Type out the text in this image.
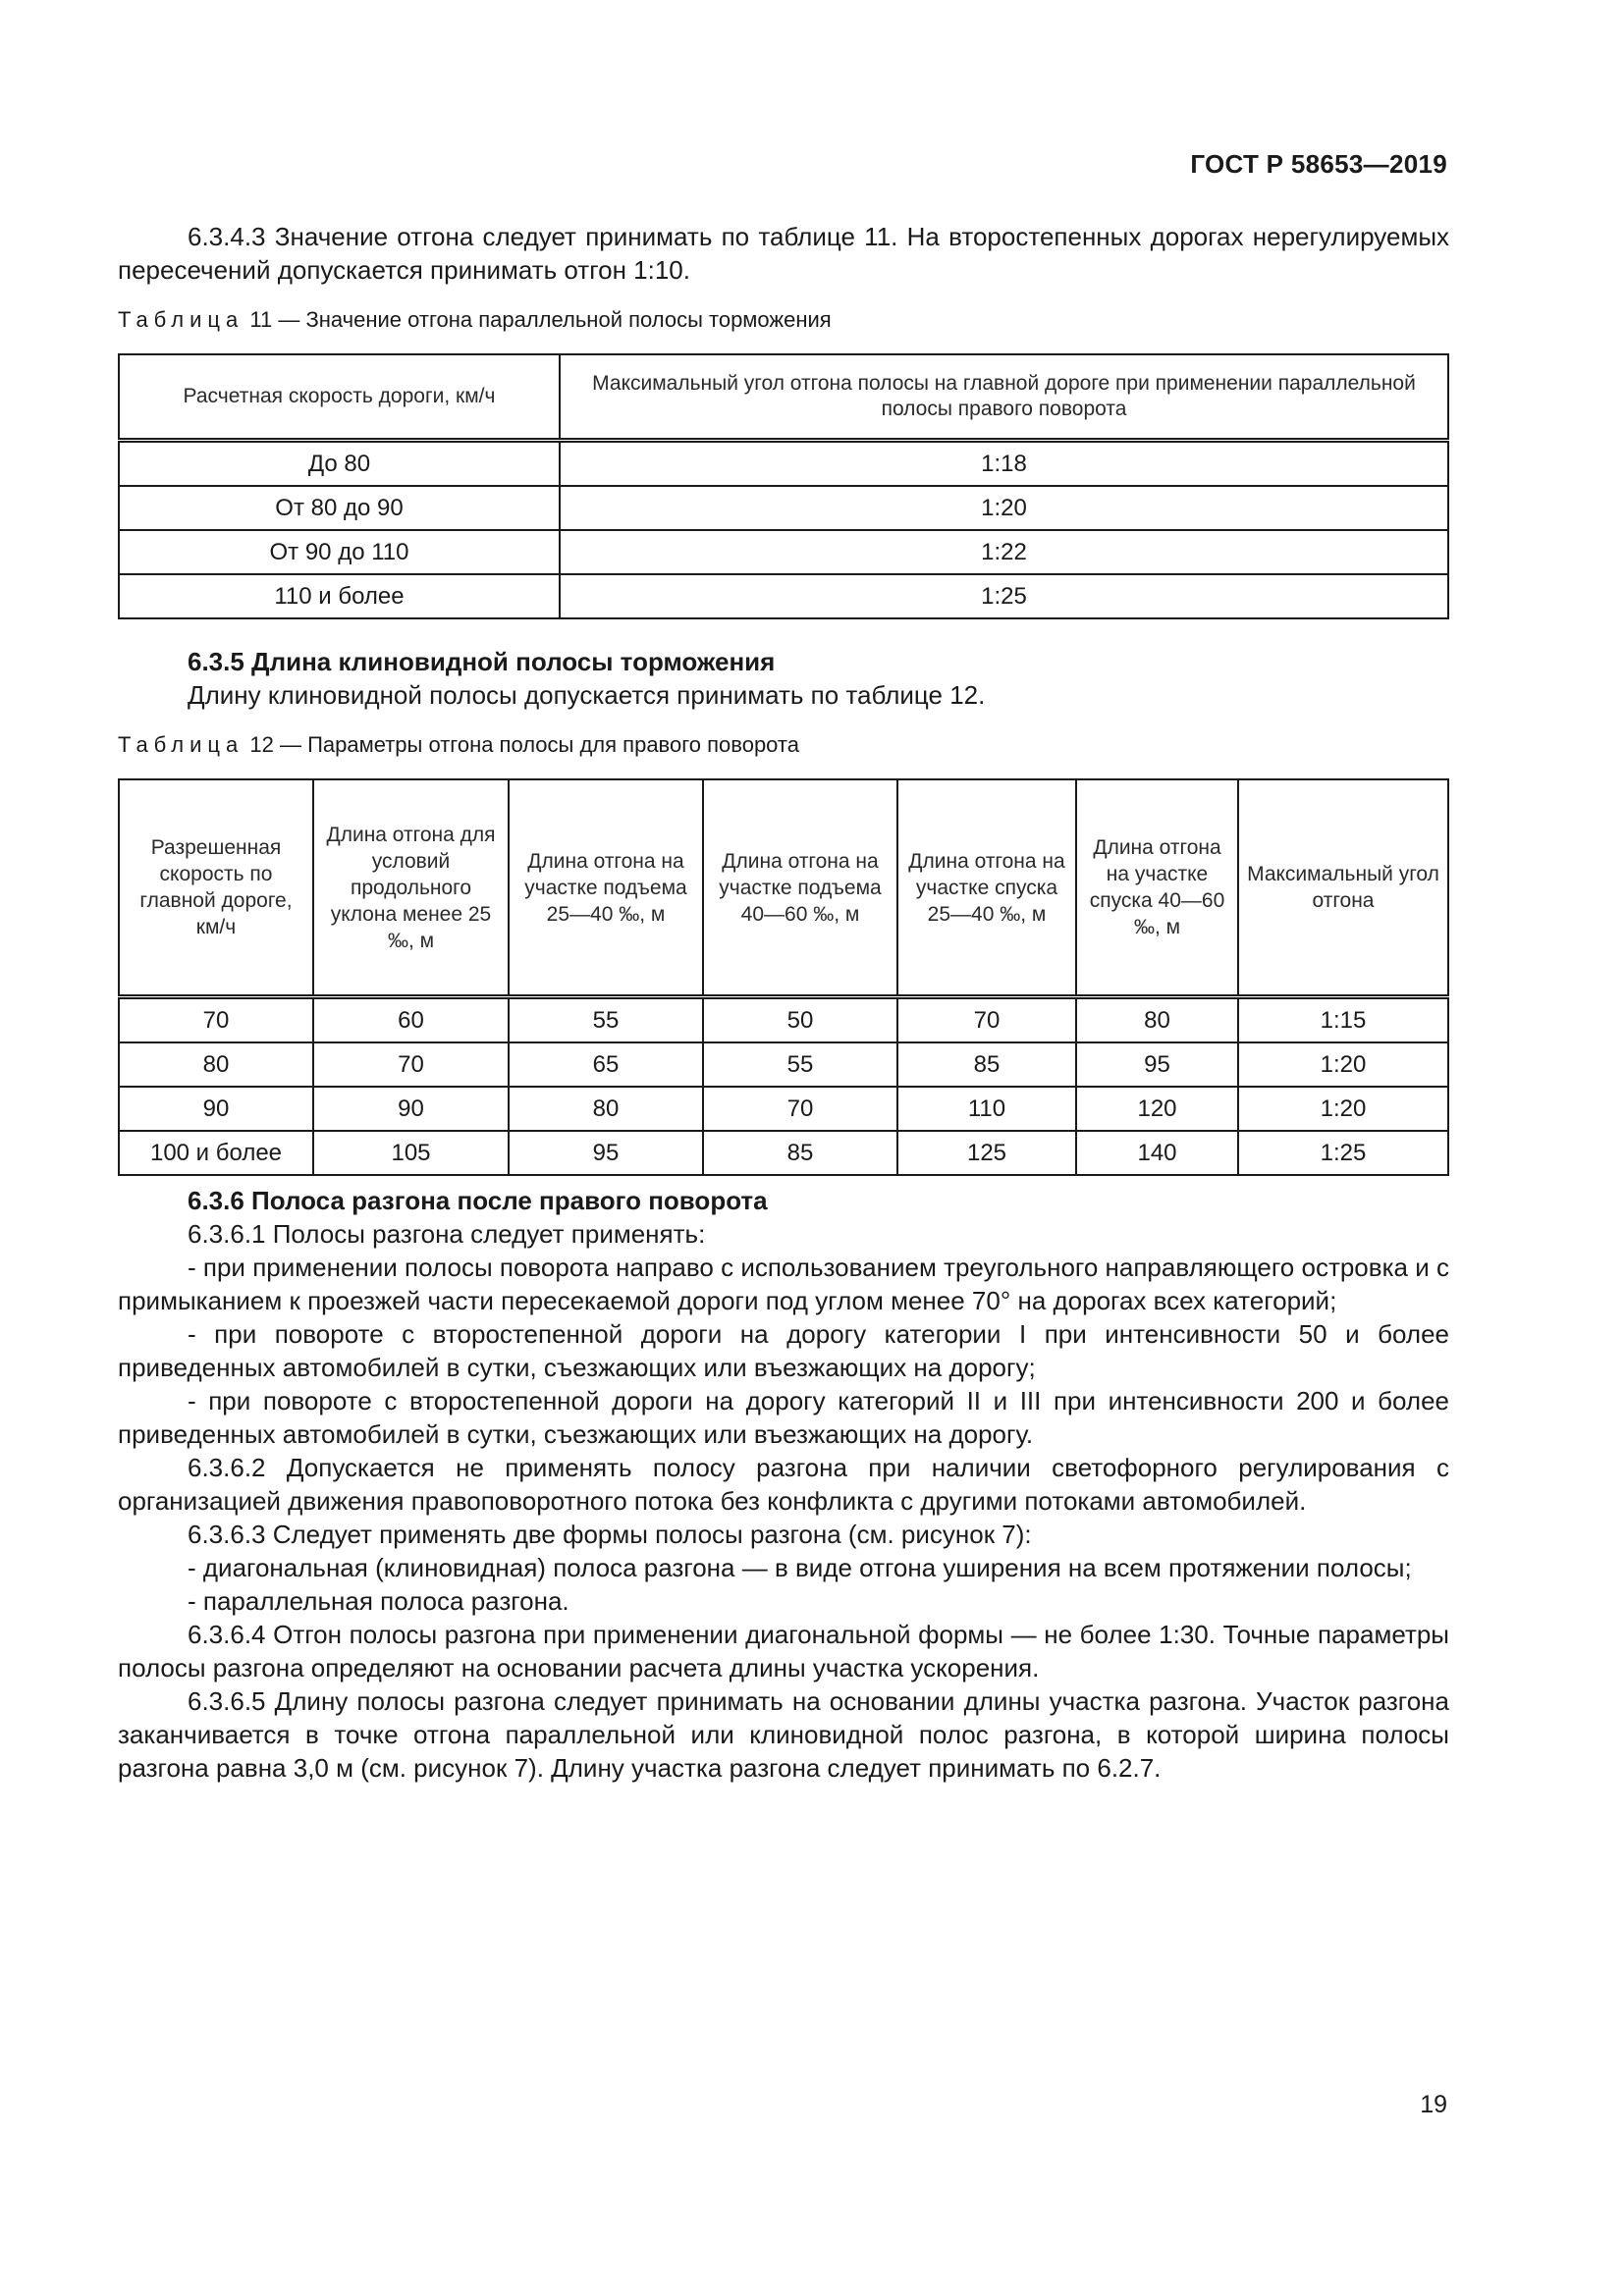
ГОСТ Р 58653—2019

6.3.4.3 Значение отгона следует принимать по таблице 11. На второстепенных дорогах нерегулируемых пересечений допускается принимать отгон 1:10.

Таблица 11 — Значение отгона параллельной полосы торможения

Расчетная скорость дороги, км/ч	Максимальный угол отгона полосы на главной дороге при применении параллельной полосы правого поворота
До 80	1:18
От 80 до 90	1:20
От 90 до 110	1:22
110 и более	1:25

6.3.5 Длина клиновидной полосы торможения

Длину клиновидной полосы допускается принимать по таблице 12.

Таблица 12 — Параметры отгона полосы для правого поворота

Разрешенная скорость по главной дороге, км/ч	Длина отгона для условий продольного уклона менее 25 ‰, м	Длина отгона на участке подъема 25—40 ‰, м	Длина отгона на участке подъема 40—60 ‰, м	Длина отгона на участке спуска 25—40 ‰, м	Длина отгона на участке спуска 40—60 ‰, м	Максимальный угол отгона
70	60	55	50	70	80	1:15
80	70	65	55	85	95	1:20
90	90	80	70	110	120	1:20
100 и более	105	95	85	125	140	1:25

6.3.6 Полоса разгона после правого поворота

6.3.6.1 Полосы разгона следует применять:

- при применении полосы поворота направо с использованием треугольного направляющего островка и с примыканием к проезжей части пересекаемой дороги под углом менее 70° на дорогах всех категорий;

- при повороте с второстепенной дороги на дорогу категории I при интенсивности 50 и более приведенных автомобилей в сутки, съезжающих или въезжающих на дорогу;

- при повороте с второстепенной дороги на дорогу категорий II и III при интенсивности 200 и более приведенных автомобилей в сутки, съезжающих или въезжающих на дорогу.

6.3.6.2 Допускается не применять полосу разгона при наличии светофорного регулирования с организацией движения правоповоротного потока без конфликта с другими потоками автомобилей.

6.3.6.3 Следует применять две формы полосы разгона (см. рисунок 7):

- диагональная (клиновидная) полоса разгона — в виде отгона уширения на всем протяжении полосы;

- параллельная полоса разгона.

6.3.6.4 Отгон полосы разгона при применении диагональной формы — не более 1:30. Точные параметры полосы разгона определяют на основании расчета длины участка ускорения.

6.3.6.5 Длину полосы разгона следует принимать на основании длины участка разгона. Участок разгона заканчивается в точке отгона параллельной или клиновидной полос разгона, в которой ширина полосы разгона равна 3,0 м (см. рисунок 7). Длину участка разгона следует принимать по 6.2.7.

19
